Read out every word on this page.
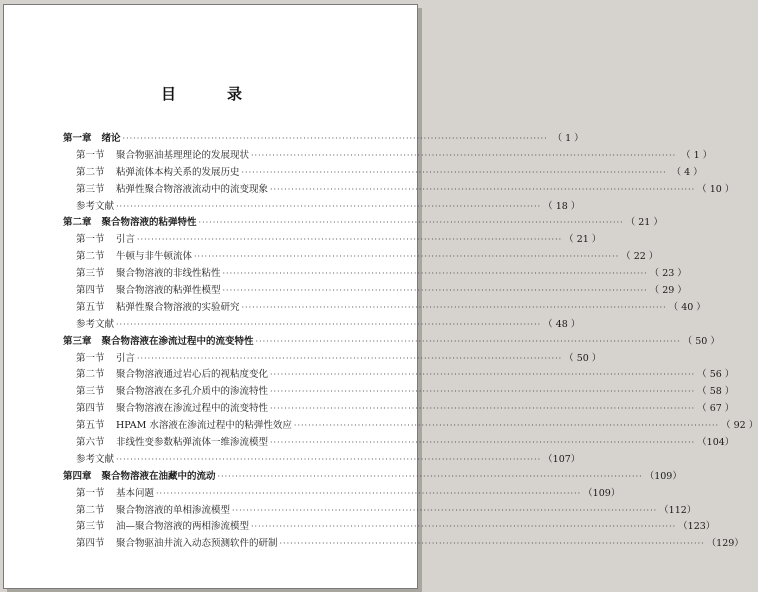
目　录
第一章 绪论 ························································································································ （ 1 ）
第一节	聚合物驱油基理理论的发展现状 ························································································································ （ 1 ）
第二节	粘弹流体本构关系的发展历史 ························································································································ （ 4 ）
第三节	粘弹性聚合物溶液流动中的流变现象 ························································································································ （ 10 ）
参考文献 ························································································································ （ 18 ）
第二章 聚合物溶液的粘弹特性 ························································································································ （ 21 ）
第一节	引言 ························································································································ （ 21 ）
第二节	牛顿与非牛顿流体 ························································································································ （ 22 ）
第三节	聚合物溶液的非线性粘性 ························································································································ （ 23 ）
第四节	聚合物溶液的粘弹性模型 ························································································································ （ 29 ）
第五节	粘弹性聚合物溶液的实验研究 ························································································································ （ 40 ）
参考文献 ························································································································ （ 48 ）
第三章 聚合物溶液在渗流过程中的流变特性 ························································································································ （ 50 ）
第一节	引言 ························································································································ （ 50 ）
第二节	聚合物溶液通过岩心后的视粘度变化 ························································································································ （ 56 ）
第三节	聚合物溶液在多孔介质中的渗流特性 ························································································································ （ 58 ）
第四节	聚合物溶液在渗流过程中的流变特性 ························································································································ （ 67 ）
第五节	HPAM 水溶液在渗流过程中的粘弹性效应 ························································································································ （ 92 ）
第六节	非线性变参数粘弹流体一维渗流模型 ························································································································ （104）
参考文献 ························································································································ （107）
第四章 聚合物溶液在油藏中的流动 ························································································································ （109）
第一节	基本问题 ························································································································ （109）
第二节	聚合物溶液的单相渗流模型 ························································································································ （112）
第三节	油—聚合物溶液的两相渗流模型 ························································································································ （123）
第四节	聚合物驱油井流入动态预测软件的研制 ························································································································ （129）
